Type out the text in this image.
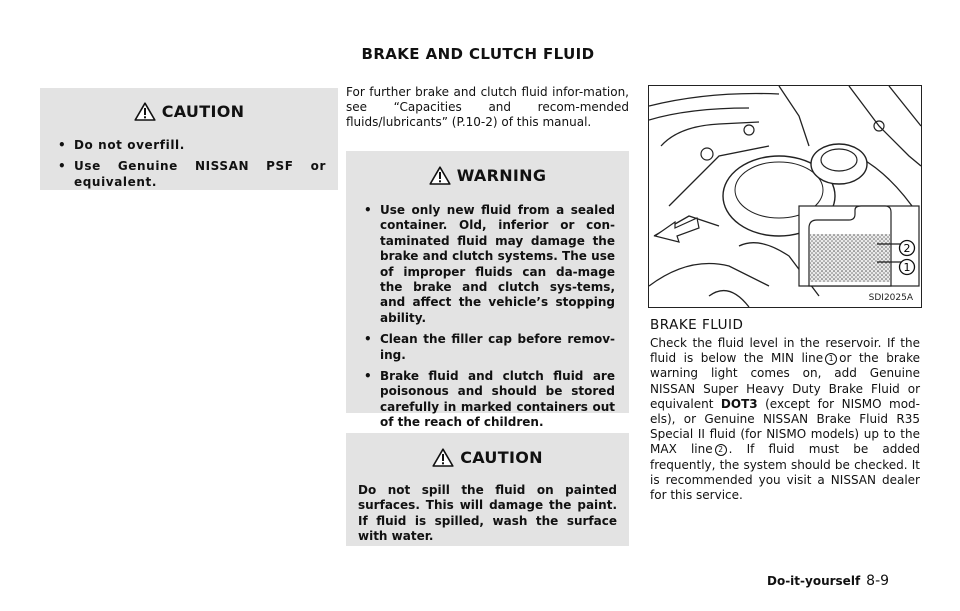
BRAKE AND CLUTCH FLUID
CAUTION
• Do not overfill.
• Use Genuine NISSAN PSF or equivalent.
For further brake and clutch fluid infor-mation, see “Capacities and recom-mended fluids/lubricants” (P.10-2) of this manual.
WARNING
• Use only new fluid from a sealed container. Old, inferior or con-taminated fluid may damage the brake and clutch systems. The use of improper fluids can da-mage the brake and clutch sys-tems, and affect the vehicle’s stopping ability.
• Clean the filler cap before remov-ing.
• Brake fluid and clutch fluid are poisonous and should be stored carefully in marked containers out of the reach of children.
CAUTION
Do not spill the fluid on painted surfaces. This will damage the paint. If fluid is spilled, wash the surface with water.
2
1
SDI2025A
BRAKE FLUID
Check the fluid level in the reservoir. If the fluid is below the MIN line 1 or the brake warning light comes on, add Genuine NISSAN Super Heavy Duty Brake Fluid or equivalent DOT3 (except for NISMO mod-els), or Genuine NISSAN Brake Fluid R35 Special II fluid (for NISMO models) up to the MAX line 2 . If fluid must be added frequently, the system should be checked. It is recommended you visit a NISSAN dealer for this service.
Do-it-yourself 8-9
